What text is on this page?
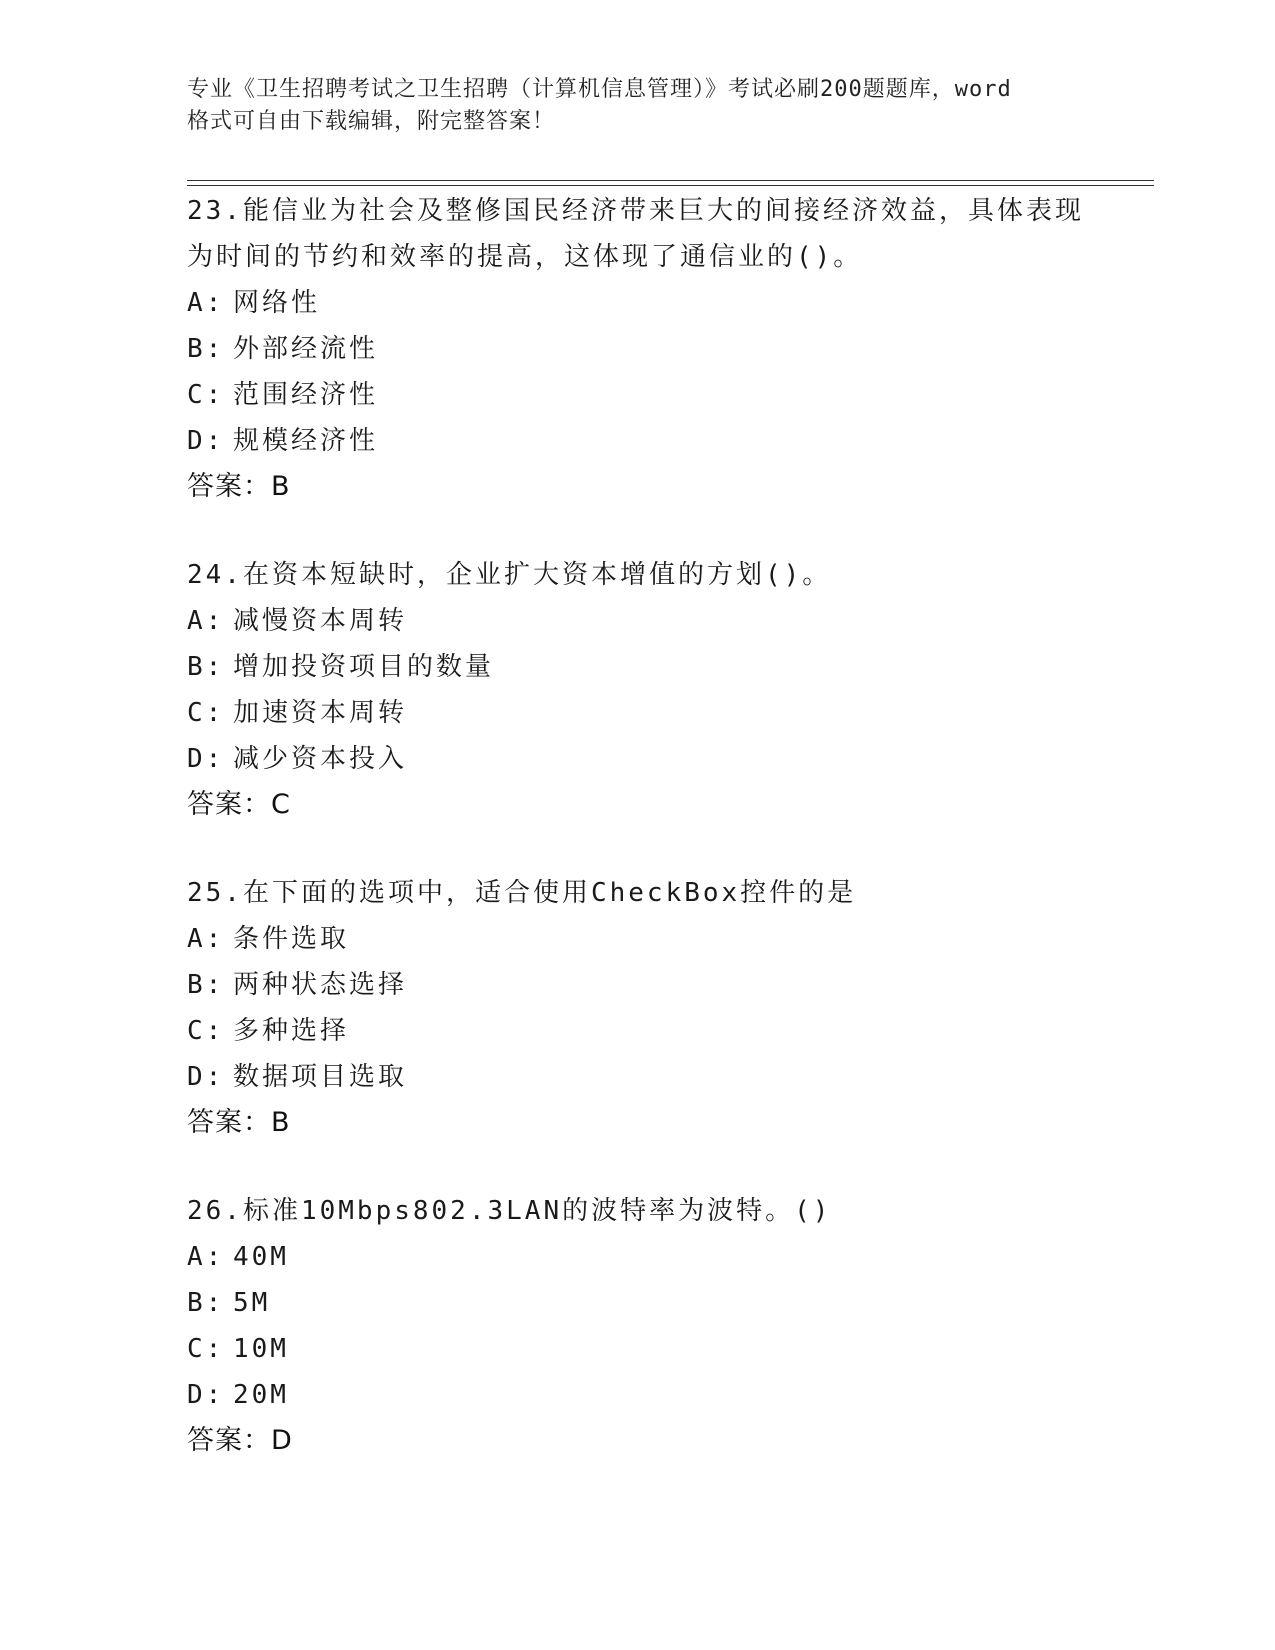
专业《卫生招聘考试之卫生招聘（计算机信息管理）》考试必刷200题题库，word
格式可自由下载编辑，附完整答案！

23.能信业为社会及整修国民经济带来巨大的间接经济效益，具体表现为时间的节约和效率的提高，这体现了通信业的()。

A: 网络性
B: 外部经流性
C: 范围经济性
D: 规模经济性
答案：B

24.在资本短缺时，企业扩大资本增值的方划()。

A: 减慢资本周转
B: 增加投资项目的数量
C: 加速资本周转
D: 减少资本投入
答案：C

25.在下面的选项中，适合使用CheckBox控件的是

A: 条件选取
B: 两种状态选择
C: 多种选择
D: 数据项目选取
答案：B

26.标准10Mbps802.3LAN的波特率为波特。()

A: 40M
B: 5M
C: 10M
D: 20M
答案：D
